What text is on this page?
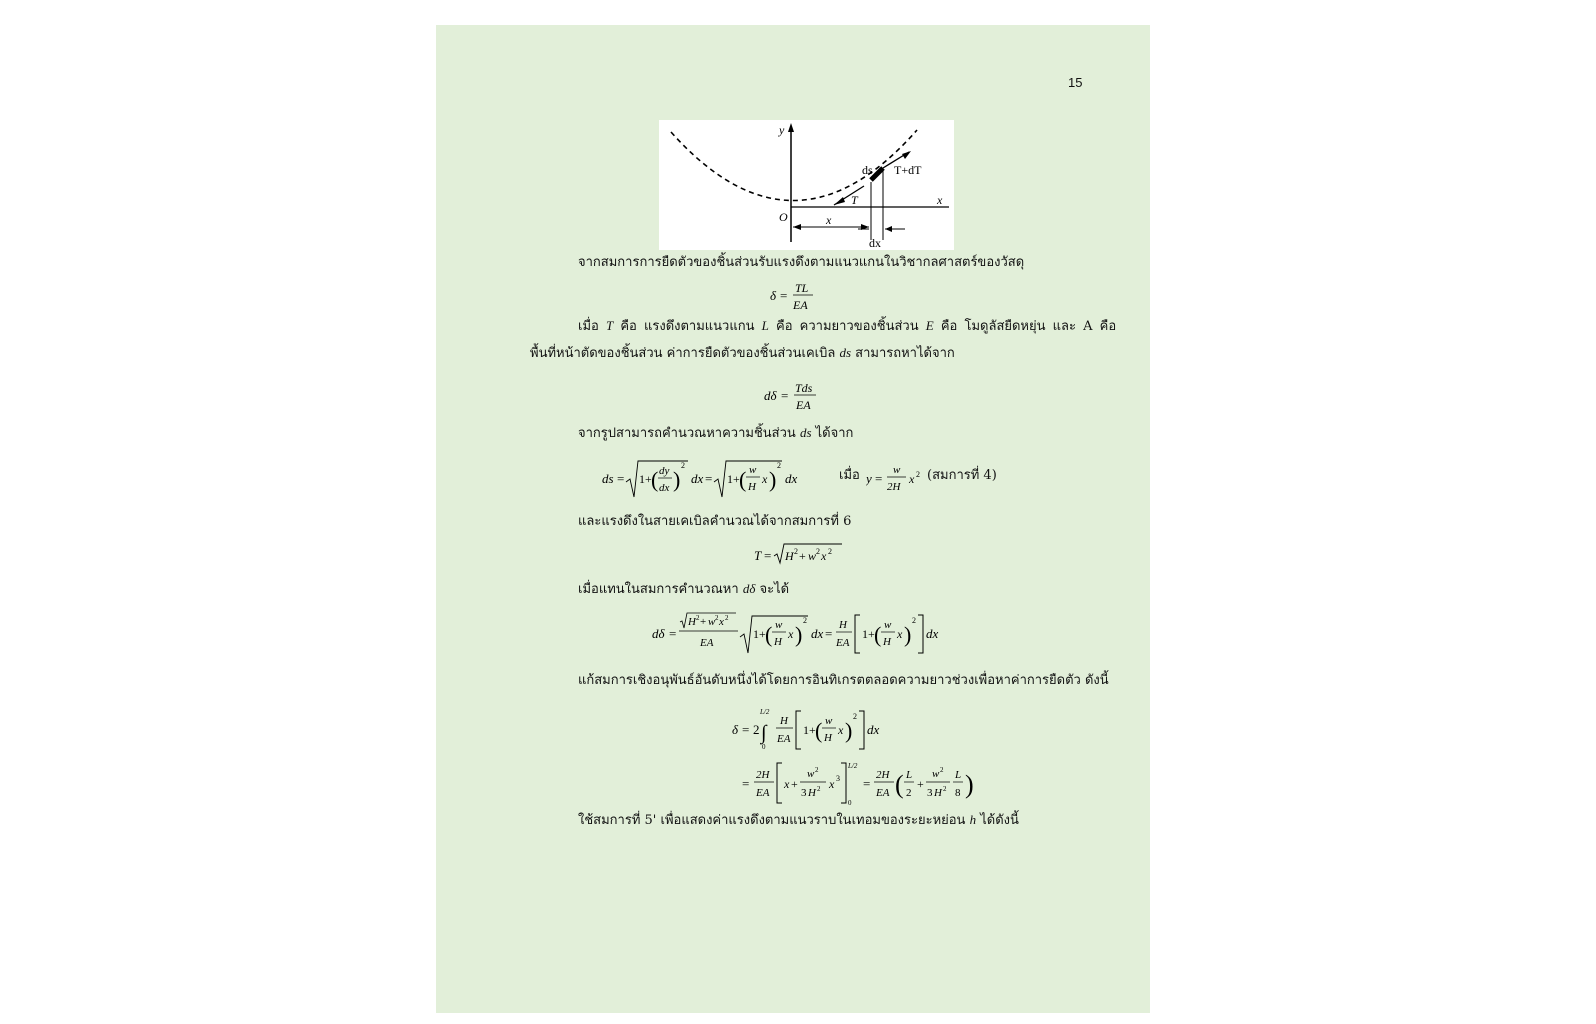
15
y
O
x
x
ds
T
T+dT
dx
จากสมการการยืดตัวของชิ้นส่วนรับแรงดึงตามแนวแกนในวิชากลศาสตร์ของวัสดุ
δ = TL
EA
เมื่อ T คือ แรงดึงตามแนวแกน L คือ ความยาวของชิ้นส่วน E คือ โมดูลัสยืดหยุ่น และ A คือ
พื้นที่หน้าตัดของชิ้นส่วน ค่าการยืดตัวของชิ้นส่วนเคเบิล ds สามารถหาได้จาก
dδ = Tds
EA
จากรูปสามารถคำนวณหาความชิ้นส่วน ds ได้จาก
ds = 1+ ( dy
dx )
2
dx = 1+ ( w
H
x )
2
dx	เมื่อ y =
w
2H
x 2 (สมการที่ 4)
และแรงดึงในสายเคเบิลคำนวณได้จากสมการที่ 6
T = H 2 + w 2 x 2
เมื่อแทนในสมการคำนวณหา dδ จะได้
dδ =
H 2 + w 2 x 2
EA
1+ ( w
H
x )
2
dx =
H
EA
1+ ( w
H
x )
2
dx
แก้สมการเชิงอนุพันธ์อันดับหนึ่งได้โดยการอินทิเกรตตลอดความยาวช่วงเพื่อหาค่าการยืดตัว ดังนี้
δ = 2
L/2
∫
0
H
EA
1+ ( w
H
x )
2
dx
=
2H
EA
x +
w 2
3 H 2 x 3
L/2
0
=
2H
EA ( L
2
+
w 2
3 H 2
L
8 )
ใช้สมการที่ 5' เพื่อแสดงค่าแรงดึงตามแนวราบในเทอมของระยะหย่อน h ได้ดังนี้
